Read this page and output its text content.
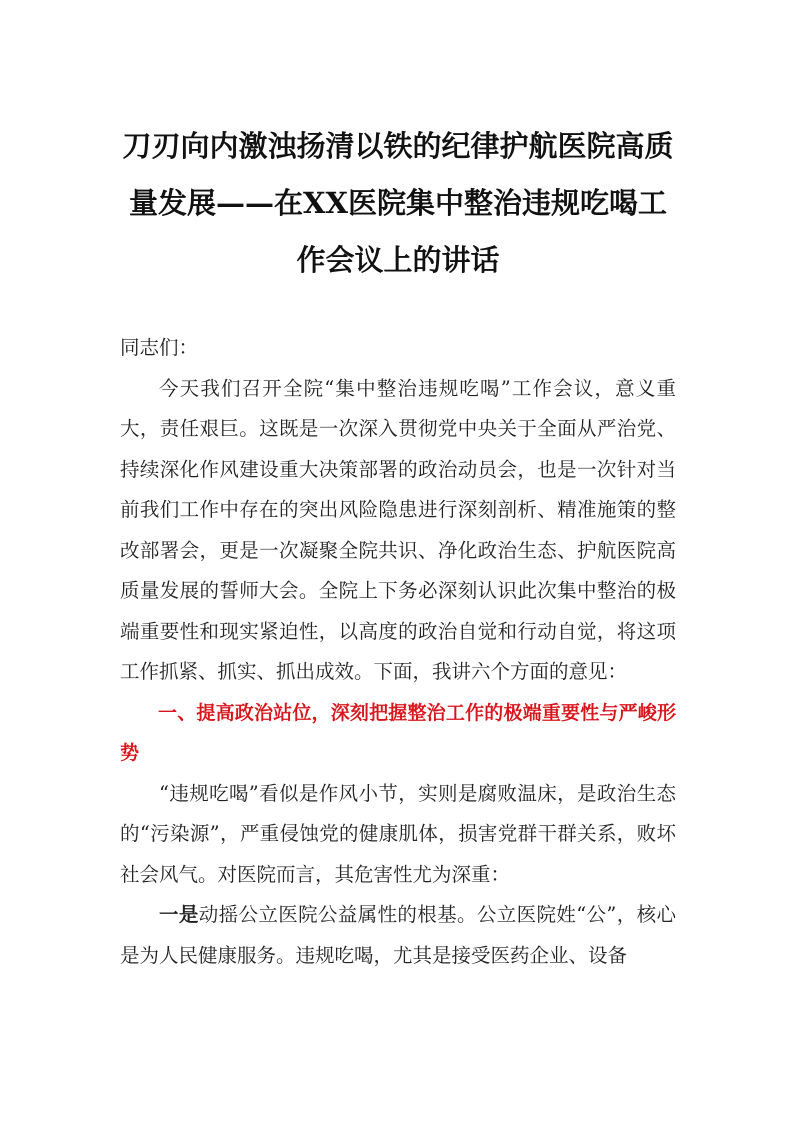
刀刃向内激浊扬清以铁的纪律护航医院高质量发展——在XX医院集中整治违规吃喝工作会议上的讲话

同志们：

今天我们召开全院“集中整治违规吃喝”工作会议，意义重大，责任艰巨。这既是一次深入贯彻党中央关于全面从严治党、持续深化作风建设重大决策部署的政治动员会，也是一次针对当前我们工作中存在的突出风险隐患进行深刻剖析、精准施策的整改部署会，更是一次凝聚全院共识、净化政治生态、护航医院高质量发展的誓师大会。全院上下务必深刻认识此次集中整治的极端重要性和现实紧迫性，以高度的政治自觉和行动自觉，将这项工作抓紧、抓实、抓出成效。下面，我讲六个方面的意见：

一、提高政治站位，深刻把握整治工作的极端重要性与严峻形势

“违规吃喝”看似是作风小节，实则是腐败温床，是政治生态的“污染源”，严重侵蚀党的健康肌体，损害党群干群关系，败坏社会风气。对医院而言，其危害性尤为深重：

一是动摇公立医院公益属性的根基。公立医院姓“公”，核心是为人民健康服务。违规吃喝，尤其是接受医药企业、设备
